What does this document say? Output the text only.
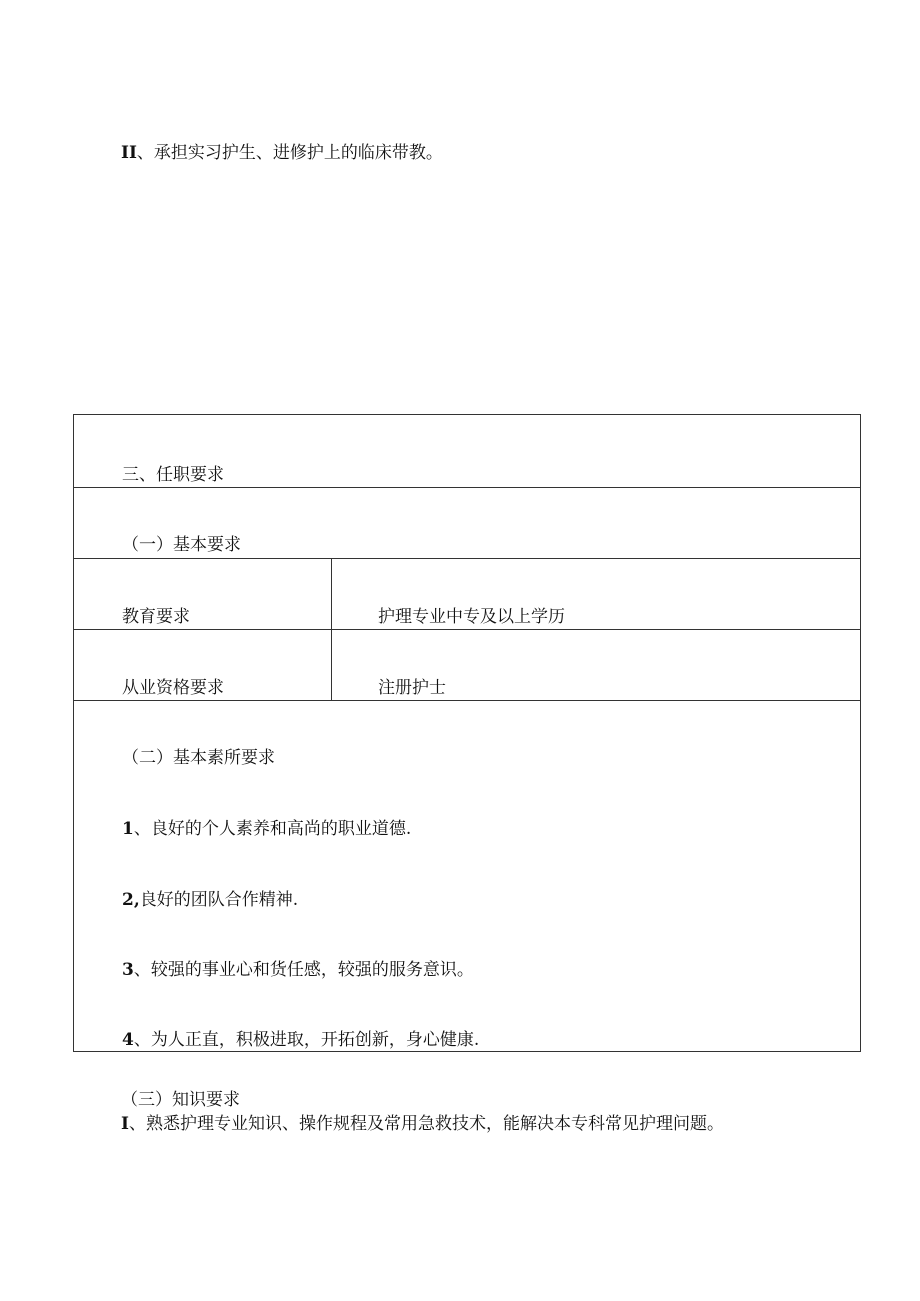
II、承担实习护生、进修护上的临床带教。
三、任职要求
（一）基本要求
教育要求	护理专业中专及以上学历
从业资格要求	注册护士
（二）基本素所要求
1、良好的个人素养和高尚的职业道德.
2,良好的团队合作精神.
3、较强的事业心和货任感，较强的服务意识。
4、为人正直，积极进取，开拓创新，身心健康.
（三）知识要求
I、熟悉护理专业知识、操作规程及常用急救技术，能解决本专科常见护理问题。
